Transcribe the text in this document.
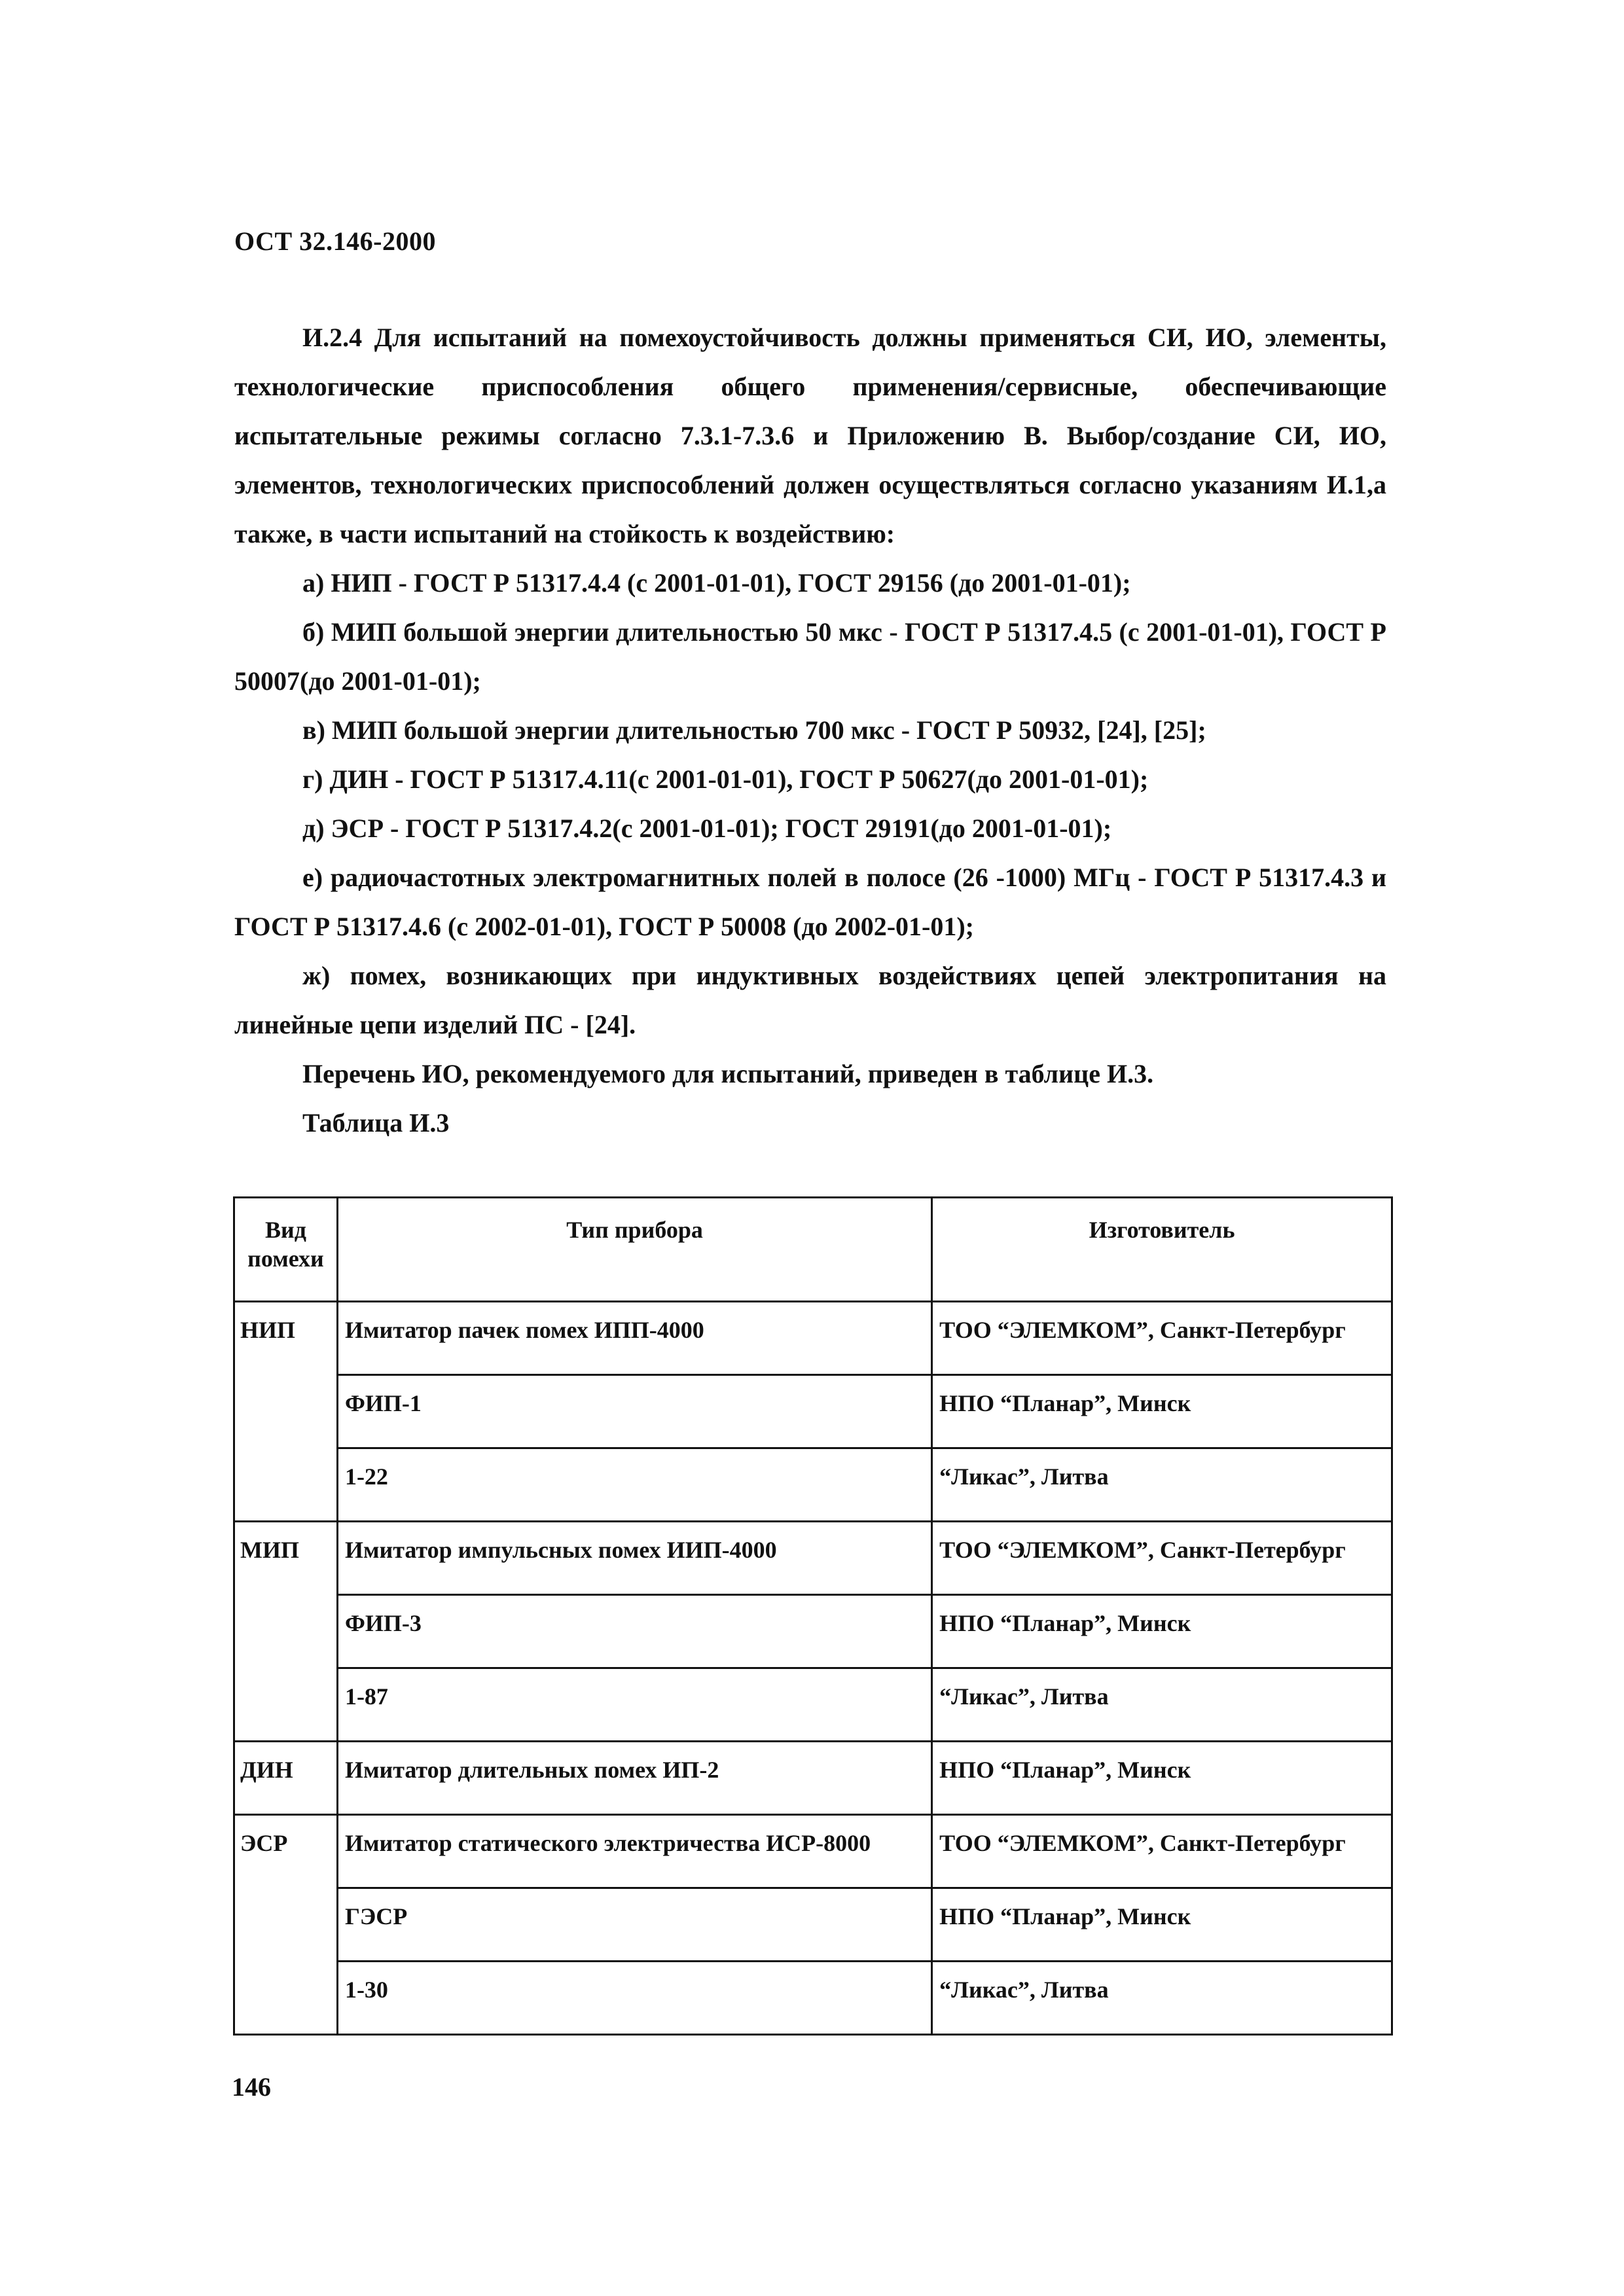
ОСТ 32.146-2000

И.2.4 Для испытаний на помехоустойчивость должны применяться СИ, ИО, элементы, технологические приспособления общего применения/сервисные, обеспечивающие испытательные режимы согласно 7.3.1-7.3.6 и Приложению В. Выбор/создание СИ, ИО, элементов, технологических приспособлений должен осуществляться согласно указаниям И.1,а также, в части испытаний на стойкость к воздействию:

а) НИП - ГОСТ Р 51317.4.4 (с 2001-01-01), ГОСТ 29156 (до 2001-01-01);

б) МИП большой энергии длительностью 50 мкс - ГОСТ Р 51317.4.5 (с 2001-01-01), ГОСТ Р 50007(до 2001-01-01);

в) МИП большой энергии длительностью 700 мкс - ГОСТ Р 50932, [24], [25];

г) ДИН - ГОСТ Р 51317.4.11(с 2001-01-01), ГОСТ Р 50627(до 2001-01-01);

д) ЭСР - ГОСТ Р 51317.4.2(с 2001-01-01); ГОСТ 29191(до 2001-01-01);

е) радиочастотных электромагнитных полей в полосе (26 -1000) МГц - ГОСТ Р 51317.4.3 и ГОСТ Р 51317.4.6 (с 2002-01-01), ГОСТ Р 50008 (до 2002-01-01);

ж) помех, возникающих при индуктивных воздействиях цепей электропитания на линейные цепи изделий ПС - [24].

Перечень ИО, рекомендуемого для испытаний, приведен в таблице И.3.

Таблица И.3

Вид помехи	Тип прибора	Изготовитель
НИП	Имитатор пачек помех ИПП-4000	ТОО “ЭЛЕМКОМ”, Санкт-Петербург
	ФИП-1	НПО “Планар”, Минск
	1-22	“Ликас”, Литва
МИП	Имитатор импульсных помех ИИП-4000	ТОО “ЭЛЕМКОМ”, Санкт-Петербург
	ФИП-3	НПО “Планар”, Минск
	1-87	“Ликас”, Литва
ДИН	Имитатор длительных помех ИП-2	НПО “Планар”, Минск
ЭСР	Имитатор статического электричества ИСР-8000	ТОО “ЭЛЕМКОМ”, Санкт-Петербург
	ГЭСР	НПО “Планар”, Минск
	1-30	“Ликас”, Литва
146
